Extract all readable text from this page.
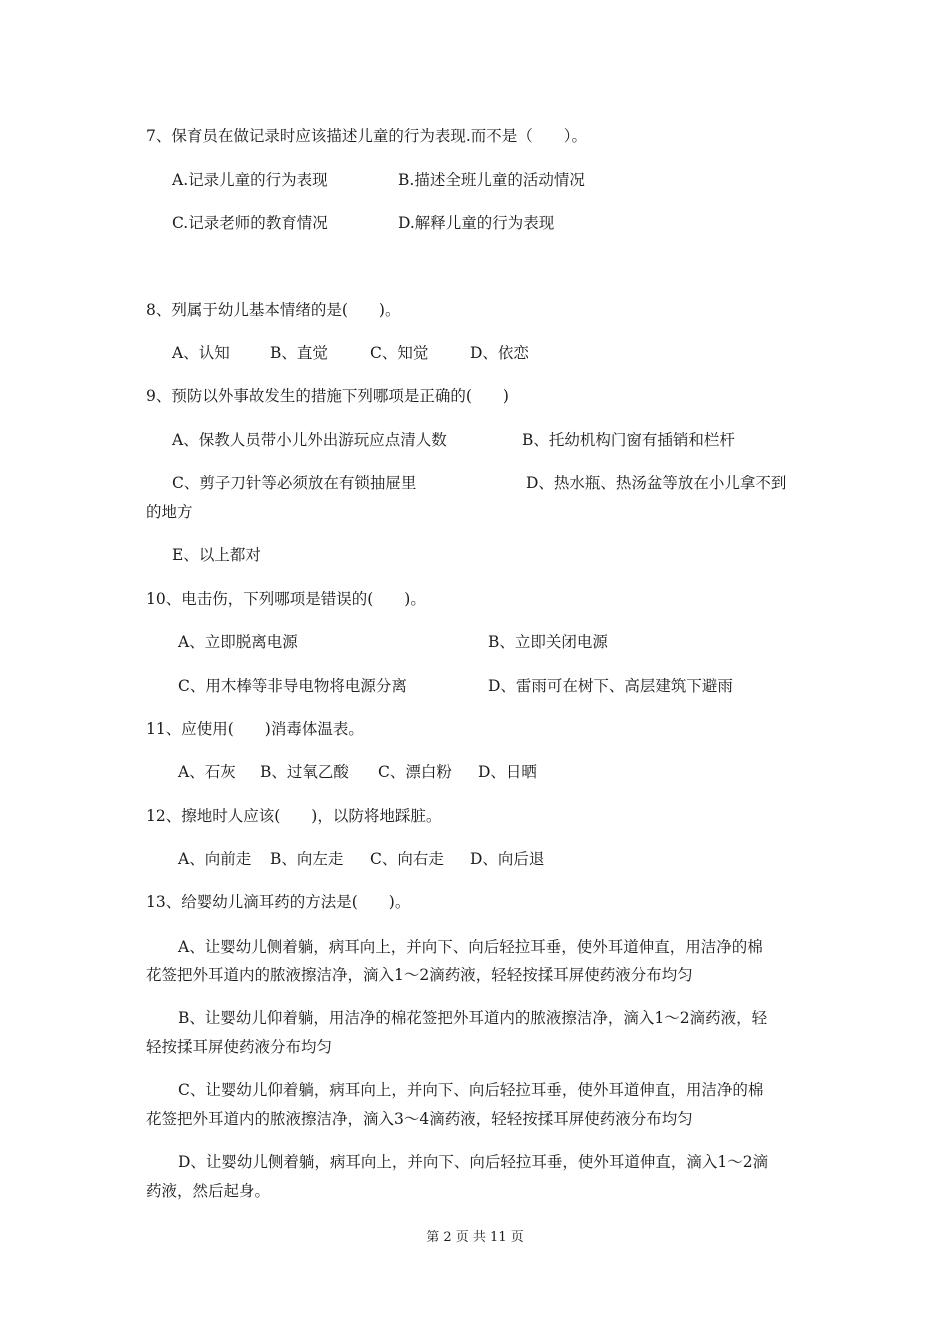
7、保育员在做记录时应该描述儿童的行为表现.而不是（　　）。
A.记录儿童的行为表现	B.描述全班儿童的活动情况
C.记录老师的教育情况	D.解释儿童的行为表现
8、列属于幼儿基本情绪的是(　　)。
A、认知	B、直觉	C、知觉	D、依恋
9、预防以外事故发生的措施下列哪项是正确的(　　)
A、保教人员带小儿外出游玩应点清人数	B、托幼机构门窗有插销和栏杆
C、剪子刀针等必须放在有锁抽屉里	D、热水瓶、热汤盆等放在小儿拿不到
的地方
E、以上都对
10、电击伤，下列哪项是错误的(　　)。
A、立即脱离电源	B、立即关闭电源
C、用木棒等非导电物将电源分离	D、雷雨可在树下、高层建筑下避雨
11、应使用(　　)消毒体温表。
A、石灰 B、过氧乙酸 C、漂白粉 D、日晒
12、擦地时人应该(　　)，以防将地踩脏。
A、向前走 B、向左走 C、向右走 D、向后退
13、给婴幼儿滴耳药的方法是(　　)。
A、让婴幼儿侧着躺，病耳向上，并向下、向后轻拉耳垂，使外耳道伸直，用洁净的棉
花签把外耳道内的脓液擦洁净，滴入1～2滴药液，轻轻按揉耳屏使药液分布均匀
B、让婴幼儿仰着躺，用洁净的棉花签把外耳道内的脓液擦洁净，滴入1～2滴药液，轻
轻按揉耳屏使药液分布均匀
C、让婴幼儿仰着躺，病耳向上，并向下、向后轻拉耳垂，使外耳道伸直，用洁净的棉
花签把外耳道内的脓液擦洁净，滴入3～4滴药液，轻轻按揉耳屏使药液分布均匀
D、让婴幼儿侧着躺，病耳向上，并向下、向后轻拉耳垂，使外耳道伸直，滴入1～2滴
药液，然后起身。
第 2 页 共 11 页
